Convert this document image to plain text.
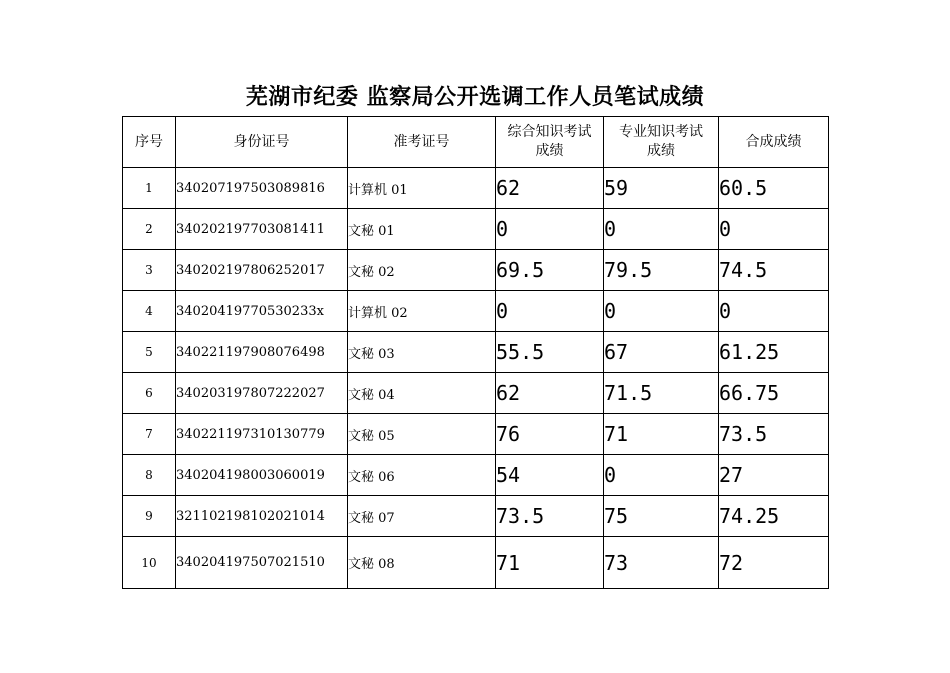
芜湖市纪委 监察局公开选调工作人员笔试成绩
序号	身份证号	准考证号	综合知识考试成绩	专业知识考试成绩	合成成绩
1	340207197503089816	计算机 01	62	59	60.5
2	340202197703081411	文秘 01	0	0	0
3	340202197806252017	文秘 02	69.5	79.5	74.5
4	34020419770530233x	计算机 02	0	0	0
5	340221197908076498	文秘 03	55.5	67	61.25
6	340203197807222027	文秘 04	62	71.5	66.75
7	340221197310130779	文秘 05	76	71	73.5
8	340204198003060019	文秘 06	54	0	27
9	321102198102021014	文秘 07	73.5	75	74.25
10	340204197507021510	文秘 08	71	73	72
